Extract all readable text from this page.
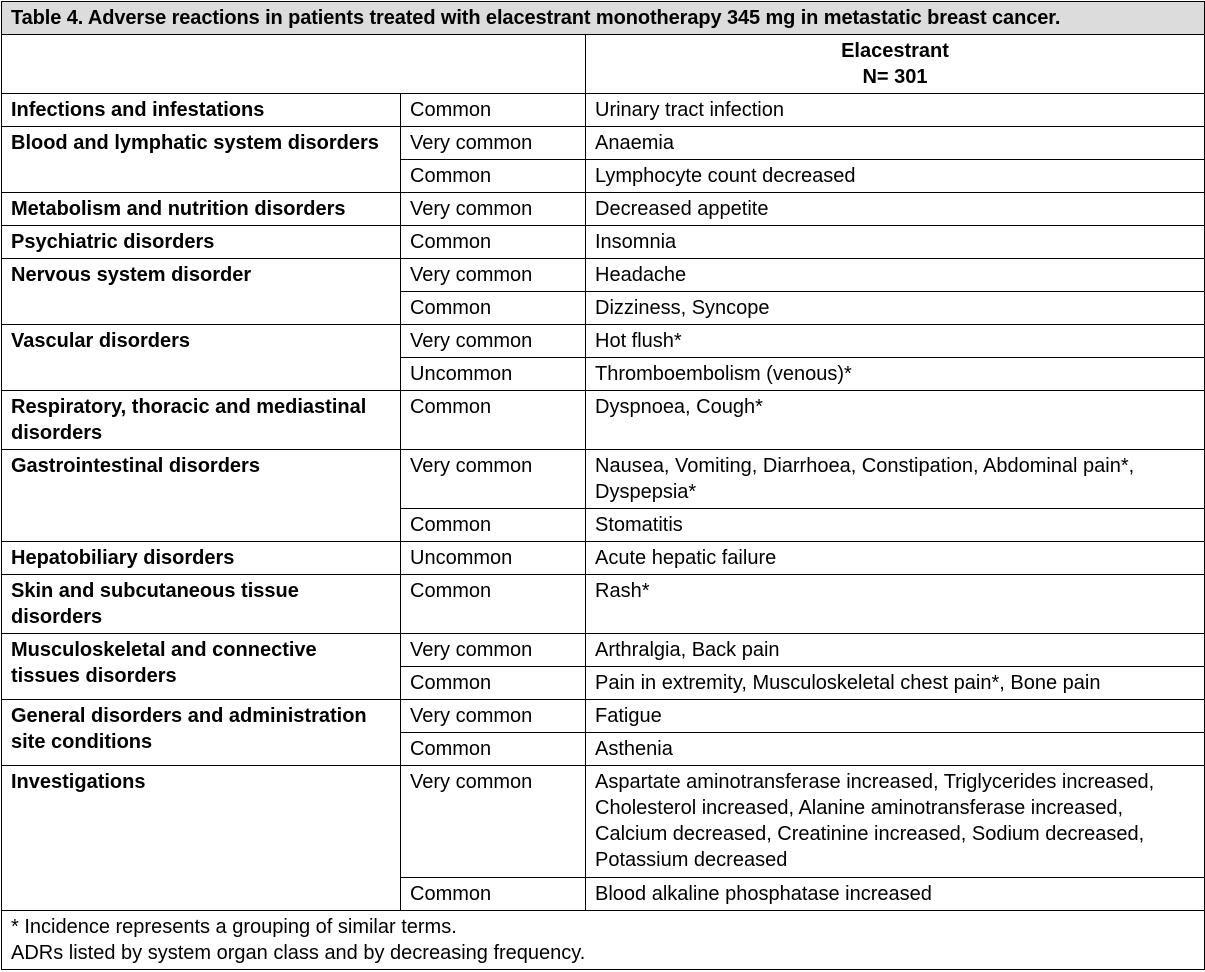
Table 4. Adverse reactions in patients treated with elacestrant monotherapy 345 mg in metastatic breast cancer.		

		Elacestrant
N= 301

Infections and infestations	Common	Urinary tract infection
Blood and lymphatic system disorders	Very common	Anaemia
	Common	Lymphocyte count decreased
Metabolism and nutrition disorders	Very common	Decreased appetite
Psychiatric disorders	Common	Insomnia
Nervous system disorder	Very common	Headache
	Common	Dizziness, Syncope
Vascular disorders	Very common	Hot flush*
	Uncommon	Thromboembolism (venous)*
Respiratory, thoracic and mediastinal disorders	Common	Dyspnoea, Cough*
Gastrointestinal disorders	Very common	Nausea, Vomiting, Diarrhoea, Constipation, Abdominal pain*, Dyspepsia*
	Common	Stomatitis
Hepatobiliary disorders	Uncommon	Acute hepatic failure
Skin and subcutaneous tissue disorders	Common	Rash*
Musculoskeletal and connective tissues disorders	Very common	Arthralgia, Back pain
	Common	Pain in extremity, Musculoskeletal chest pain*, Bone pain
General disorders and administration site conditions	Very common	Fatigue
	Common	Asthenia
Investigations	Very common	Aspartate aminotransferase increased, Triglycerides increased, Cholesterol increased, Alanine aminotransferase increased, Calcium decreased, Creatinine increased, Sodium decreased, Potassium decreased
	Common	Blood alkaline phosphatase increased

* Incidence represents a grouping of similar terms.
ADRs listed by system organ class and by decreasing frequency.		
